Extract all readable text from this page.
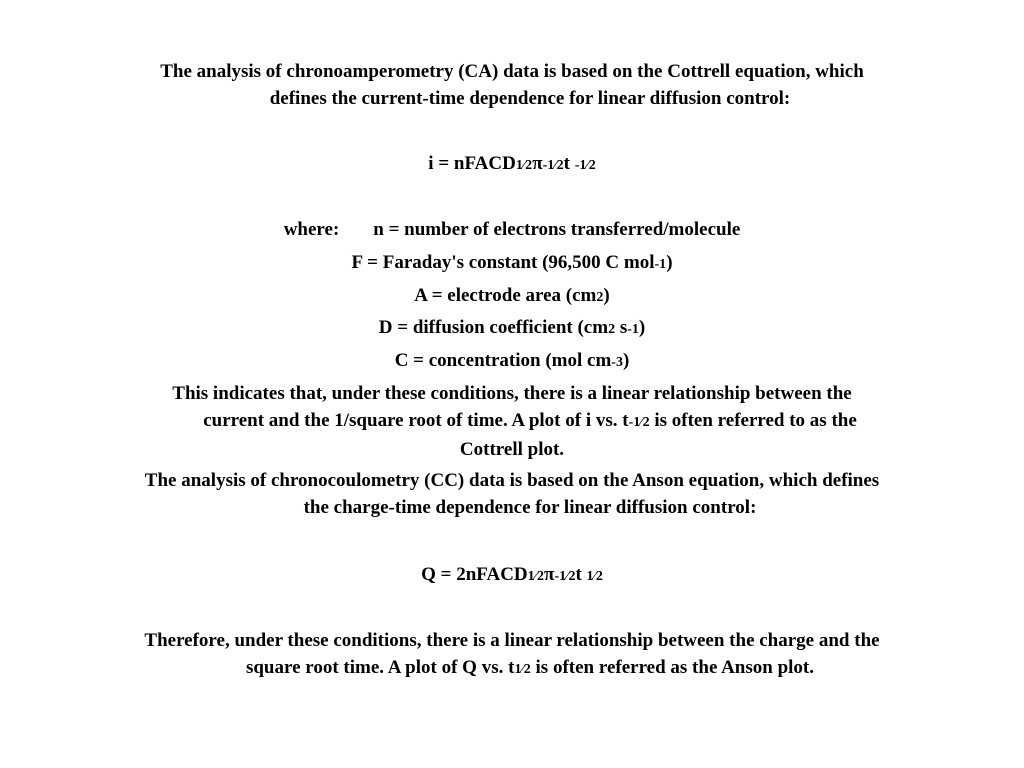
The analysis of chronoamperometry (CA) data is based on the Cottrell equation, which
defines the current-time dependence for linear diffusion control:
i = nFACD1⁄2π-1⁄2t -1⁄2
where: n = number of electrons transferred/molecule
F = Faraday's constant (96,500 C mol-1)
A = electrode area (cm2)
D = diffusion coefficient (cm2 s-1)
C = concentration (mol cm-3)
This indicates that, under these conditions, there is a linear relationship between the
current and the 1/square root of time. A plot of i vs. t-1⁄2 is often referred to as the
Cottrell plot.
The analysis of chronocoulometry (CC) data is based on the Anson equation, which defines
the charge-time dependence for linear diffusion control:
Q = 2nFACD1⁄2π-1⁄2t 1⁄2
Therefore, under these conditions, there is a linear relationship between the charge and the
square root time. A plot of Q vs. t1⁄2 is often referred as the Anson plot.
